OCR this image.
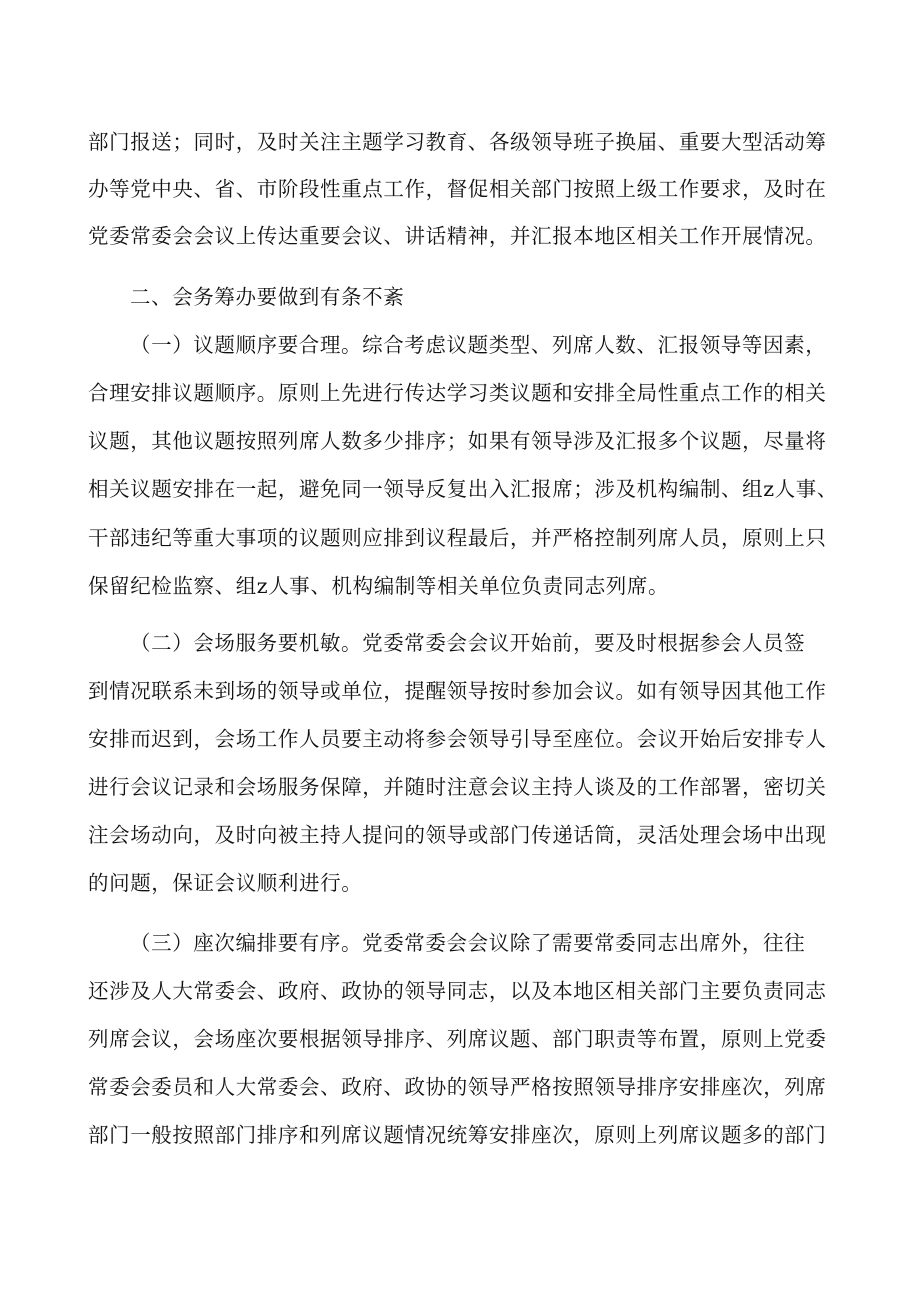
部门报送；同时，及时关注主题学习教育、各级领导班子换届、重要大型活动筹
办等党中央、省、市阶段性重点工作，督促相关部门按照上级工作要求，及时在
党委常委会会议上传达重要会议、讲话精神，并汇报本地区相关工作开展情况。
二、会务筹办要做到有条不紊
（一）议题顺序要合理。综合考虑议题类型、列席人数、汇报领导等因素，
合理安排议题顺序。原则上先进行传达学习类议题和安排全局性重点工作的相关
议题，其他议题按照列席人数多少排序；如果有领导涉及汇报多个议题，尽量将
相关议题安排在一起，避免同一领导反复出入汇报席；涉及机构编制、组z人事、
干部违纪等重大事项的议题则应排到议程最后，并严格控制列席人员，原则上只
保留纪检监察、组z人事、机构编制等相关单位负责同志列席。
（二）会场服务要机敏。党委常委会会议开始前，要及时根据参会人员签
到情况联系未到场的领导或单位，提醒领导按时参加会议。如有领导因其他工作
安排而迟到，会场工作人员要主动将参会领导引导至座位。会议开始后安排专人
进行会议记录和会场服务保障，并随时注意会议主持人谈及的工作部署，密切关
注会场动向，及时向被主持人提问的领导或部门传递话筒，灵活处理会场中出现
的问题，保证会议顺利进行。
（三）座次编排要有序。党委常委会会议除了需要常委同志出席外，往往
还涉及人大常委会、政府、政协的领导同志，以及本地区相关部门主要负责同志
列席会议，会场座次要根据领导排序、列席议题、部门职责等布置，原则上党委
常委会委员和人大常委会、政府、政协的领导严格按照领导排序安排座次，列席
部门一般按照部门排序和列席议题情况统筹安排座次，原则上列席议题多的部门
